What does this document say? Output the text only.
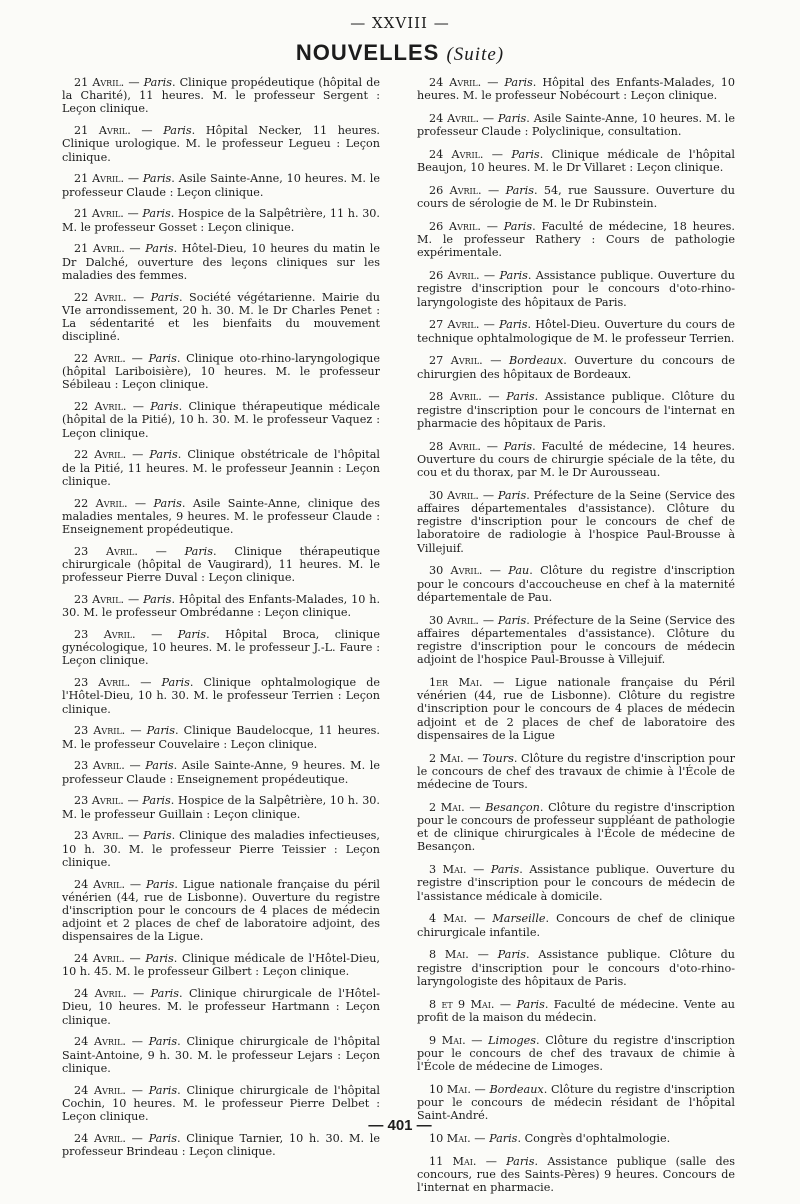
— XXVIII —
NOUVELLES (Suite)

21 Avril. — Paris. Clinique propédeutique (hôpital de la Charité), 11 heures. M. le professeur Sergent : Leçon clinique.

21 Avril. — Paris. Hôpital Necker, 11 heures. Clinique urologique. M. le professeur Legueu : Leçon clinique.

21 Avril. — Paris. Asile Sainte-Anne, 10 heures. M. le professeur Claude : Leçon clinique.

21 Avril. — Paris. Hospice de la Salpêtrière, 11 h. 30. M. le professeur Gosset : Leçon clinique.

21 Avril. — Paris. Hôtel-Dieu, 10 heures du matin le Dr Dalché, ouverture des leçons cliniques sur les maladies des femmes.

22 Avril. — Paris. Société végétarienne. Mairie du VIe arrondissement, 20 h. 30. M. le Dr Charles Penet : La sédentarité et les bienfaits du mouvement discipliné.

22 Avril. — Paris. Clinique oto-rhino-laryngologique (hôpital Lariboisière), 10 heures. M. le professeur Sébileau : Leçon clinique.

22 Avril. — Paris. Clinique thérapeutique médicale (hôpital de la Pitié), 10 h. 30. M. le professeur Vaquez : Leçon clinique.

22 Avril. — Paris. Clinique obstétricale de l'hôpital de la Pitié, 11 heures. M. le professeur Jeannin : Leçon clinique.

22 Avril. — Paris. Asile Sainte-Anne, clinique des maladies mentales, 9 heures. M. le professeur Claude : Enseignement propédeutique.

23 Avril. — Paris. Clinique thérapeutique chirurgicale (hôpital de Vaugirard), 11 heures. M. le professeur Pierre Duval : Leçon clinique.

23 Avril. — Paris. Hôpital des Enfants-Malades, 10 h. 30. M. le professeur Ombrédanne : Leçon clinique.

23 Avril. — Paris. Hôpital Broca, clinique gynécologique, 10 heures. M. le professeur J.-L. Faure : Leçon clinique.

23 Avril. — Paris. Clinique ophtalmologique de l'Hôtel-Dieu, 10 h. 30. M. le professeur Terrien : Leçon clinique.

23 Avril. — Paris. Clinique Baudelocque, 11 heures. M. le professeur Couvelaire : Leçon clinique.

23 Avril. — Paris. Asile Sainte-Anne, 9 heures. M. le professeur Claude : Enseignement propédeutique.

23 Avril. — Paris. Hospice de la Salpêtrière, 10 h. 30. M. le professeur Guillain : Leçon clinique.

23 Avril. — Paris. Clinique des maladies infectieuses, 10 h. 30. M. le professeur Pierre Teissier : Leçon clinique.

24 Avril. — Paris. Ligue nationale française du péril vénérien (44, rue de Lisbonne). Ouverture du registre d'inscription pour le concours de 4 places de médecin adjoint et 2 places de chef de laboratoire adjoint, des dispensaires de la Ligue.

24 Avril. — Paris. Clinique médicale de l'Hôtel-Dieu, 10 h. 45. M. le professeur Gilbert : Leçon clinique.

24 Avril. — Paris. Clinique chirurgicale de l'Hôtel-Dieu, 10 heures. M. le professeur Hartmann : Leçon clinique.

24 Avril. — Paris. Clinique chirurgicale de l'hôpital Saint-Antoine, 9 h. 30. M. le professeur Lejars : Leçon clinique.

24 Avril. — Paris. Clinique chirurgicale de l'hôpital Cochin, 10 heures. M. le professeur Pierre Delbet : Leçon clinique.

24 Avril. — Paris. Clinique Tarnier, 10 h. 30. M. le professeur Brindeau : Leçon clinique.

24 Avril. — Paris. Hôpital des Enfants-Malades, 10 heures. M. le professeur Nobécourt : Leçon clinique.

24 Avril. — Paris. Asile Sainte-Anne, 10 heures. M. le professeur Claude : Polyclinique, consultation.

24 Avril. — Paris. Clinique médicale de l'hôpital Beaujon, 10 heures. M. le Dr Villaret : Leçon clinique.

26 Avril. — Paris. 54, rue Saussure. Ouverture du cours de sérologie de M. le Dr Rubinstein.

26 Avril. — Paris. Faculté de médecine, 18 heures. M. le professeur Rathery : Cours de pathologie expérimentale.

26 Avril. — Paris. Assistance publique. Ouverture du registre d'inscription pour le concours d'oto-rhino-laryngologiste des hôpitaux de Paris.

27 Avril. — Paris. Hôtel-Dieu. Ouverture du cours de technique ophtalmologique de M. le professeur Terrien.

27 Avril. — Bordeaux. Ouverture du concours de chirurgien des hôpitaux de Bordeaux.

28 Avril. — Paris. Assistance publique. Clôture du registre d'inscription pour le concours de l'internat en pharmacie des hôpitaux de Paris.

28 Avril. — Paris. Faculté de médecine, 14 heures. Ouverture du cours de chirurgie spéciale de la tête, du cou et du thorax, par M. le Dr Aurousseau.

30 Avril. — Paris. Préfecture de la Seine (Service des affaires départementales d'assistance). Clôture du registre d'inscription pour le concours de chef de laboratoire de radiologie à l'hospice Paul-Brousse à Villejuif.

30 Avril. — Pau. Clôture du registre d'inscription pour le concours d'accoucheuse en chef à la maternité départementale de Pau.

30 Avril. — Paris. Préfecture de la Seine (Service des affaires départementales d'assistance). Clôture du registre d'inscription pour le concours de médecin adjoint de l'hospice Paul-Brousse à Villejuif.

1er Mai. — Ligue nationale française du Péril vénérien (44, rue de Lisbonne). Clôture du registre d'inscription pour le concours de 4 places de médecin adjoint et de 2 places de chef de laboratoire des dispensaires de la Ligue

2 Mai. — Tours. Clôture du registre d'inscription pour le concours de chef des travaux de chimie à l'École de médecine de Tours.

2 Mai. — Besançon. Clôture du registre d'inscription pour le concours de professeur suppléant de pathologie et de clinique chirurgicales à l'École de médecine de Besançon.

3 Mai. — Paris. Assistance publique. Ouverture du registre d'inscription pour le concours de médecin de l'assistance médicale à domicile.

4 Mai. — Marseille. Concours de chef de clinique chirurgicale infantile.

8 Mai. — Paris. Assistance publique. Clôture du registre d'inscription pour le concours d'oto-rhino-laryngologiste des hôpitaux de Paris.

8 et 9 Mai. — Paris. Faculté de médecine. Vente au profit de la maison du médecin.

9 Mai. — Limoges. Clôture du registre d'inscription pour le concours de chef des travaux de chimie à l'École de médecine de Limoges.

10 Mai. — Bordeaux. Clôture du registre d'inscription pour le concours de médecin résidant de l'hôpital Saint-André.

10 Mai. — Paris. Congrès d'ophtalmologie.

11 Mai. — Paris. Assistance publique (salle des concours, rue des Saints-Pères) 9 heures. Concours de l'internat en pharmacie.

— 401 —
